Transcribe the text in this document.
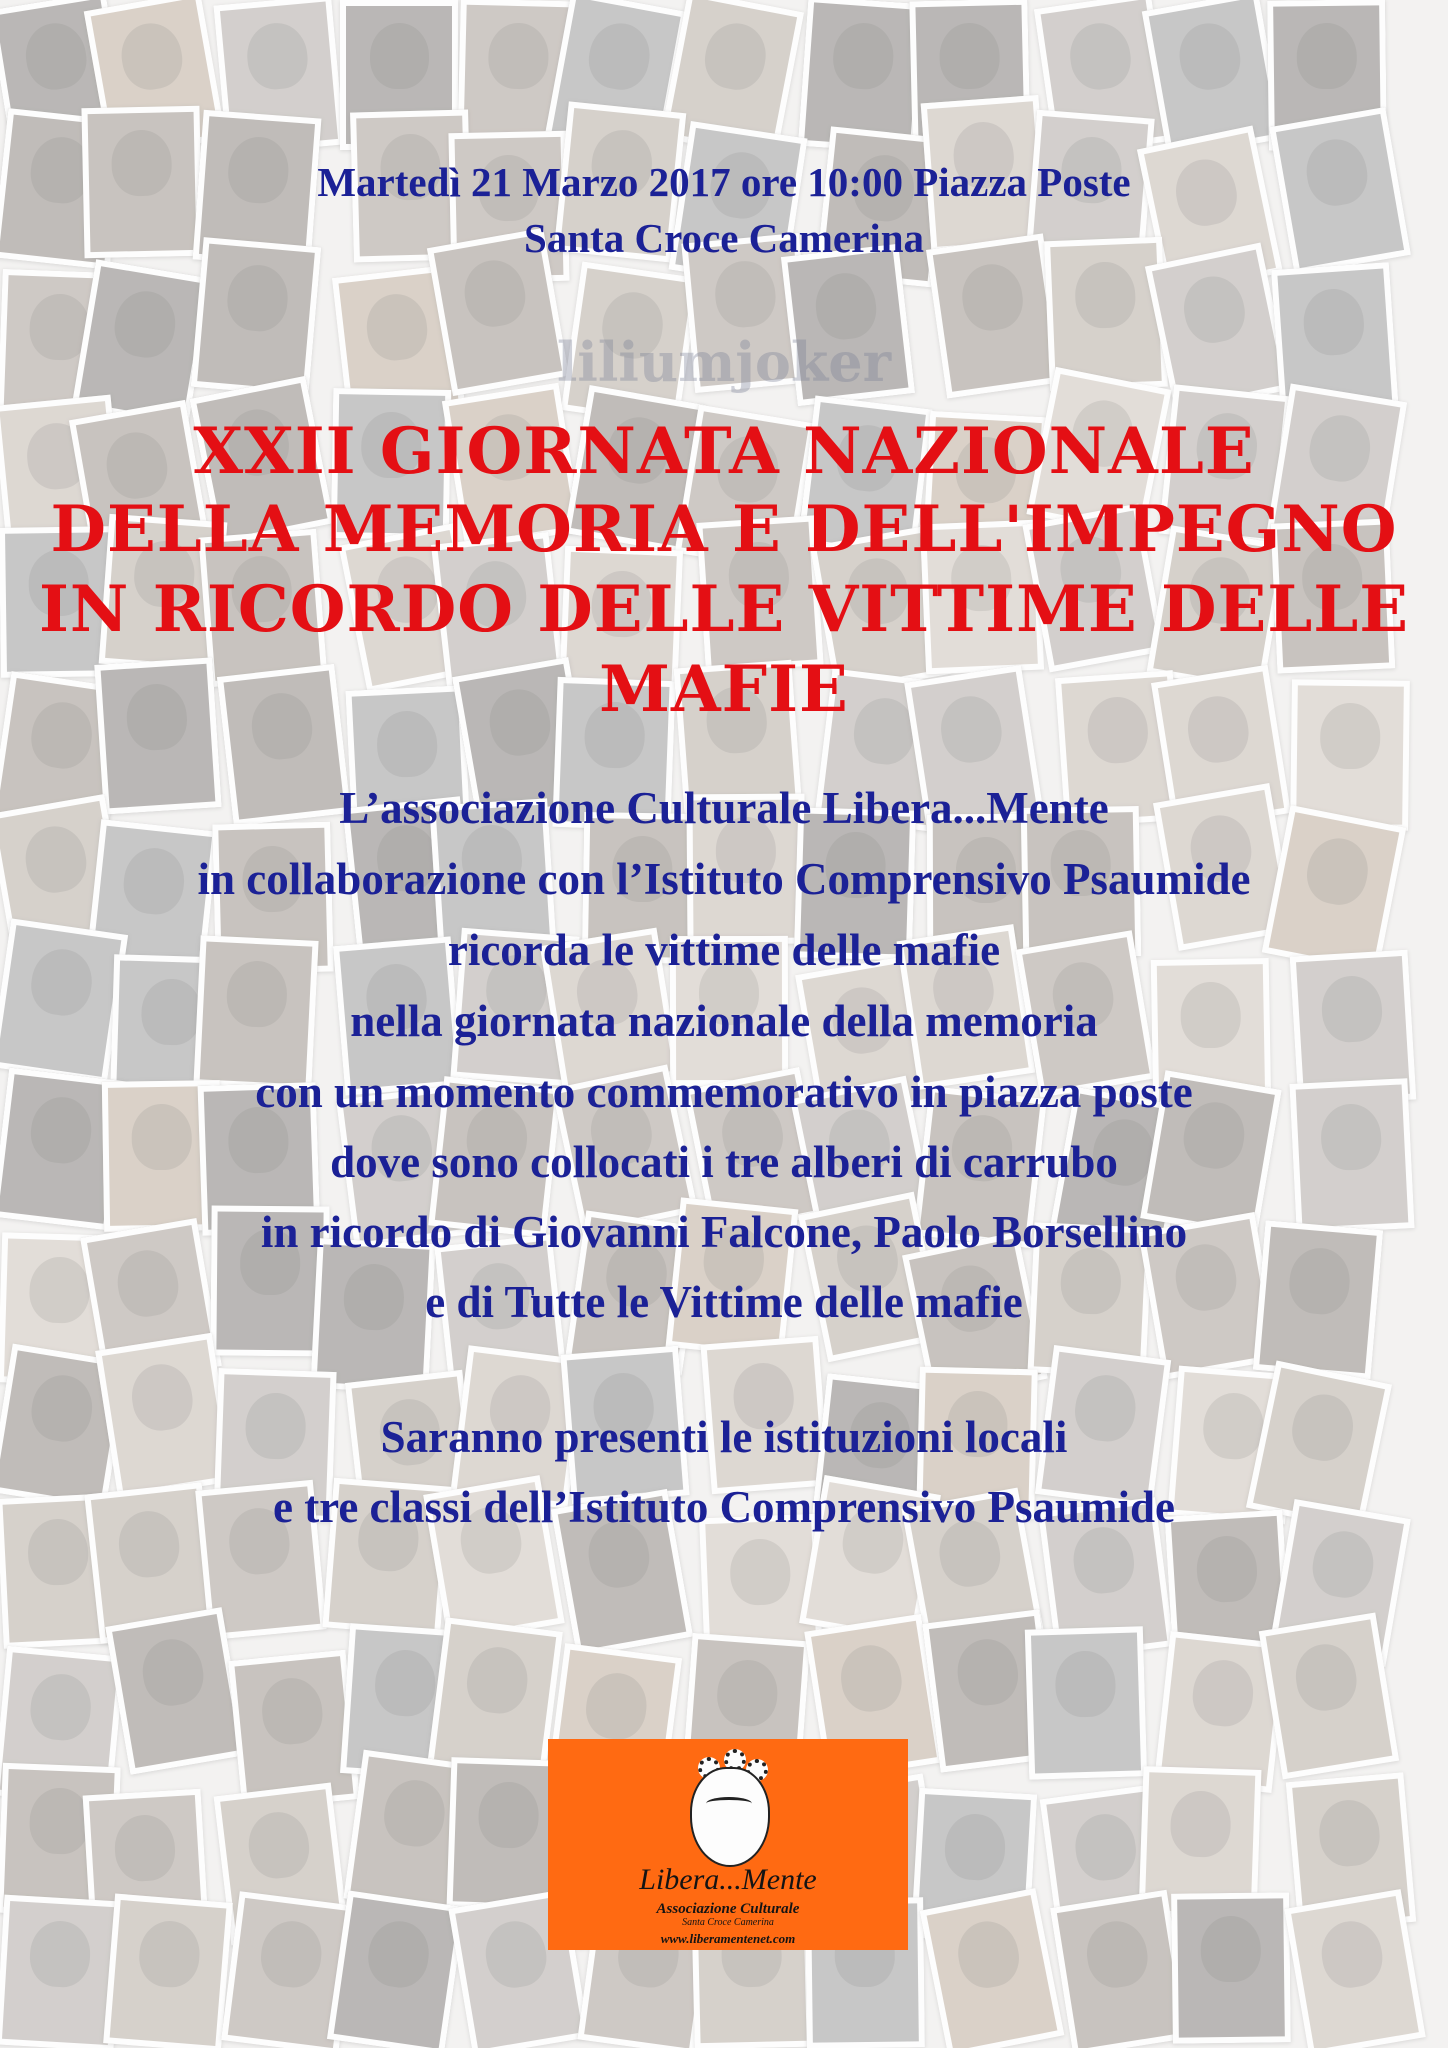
Martedì 21 Marzo 2017 ore 10:00 Piazza Poste
Santa Croce Camerina
liliumjoker
XXII GIORNATA NAZIONALE
DELLA MEMORIA E DELL'IMPEGNO
IN RICORDO DELLE VITTIME DELLE MAFIE
L’associazione Culturale Libera...Mente
in collaborazione con l’Istituto Comprensivo Psaumide
ricorda le vittime delle mafie
nella giornata nazionale della memoria
con un momento commemorativo in piazza poste
dove sono collocati i tre alberi di carrubo
in ricordo di Giovanni Falcone, Paolo Borsellino
e di Tutte le Vittime delle mafie
Saranno presenti le istituzioni locali
e tre classi dell’Istituto Comprensivo Psaumide
Libera...Mente
Associazione Culturale
Santa Croce Camerina
www.liberamentenet.com
